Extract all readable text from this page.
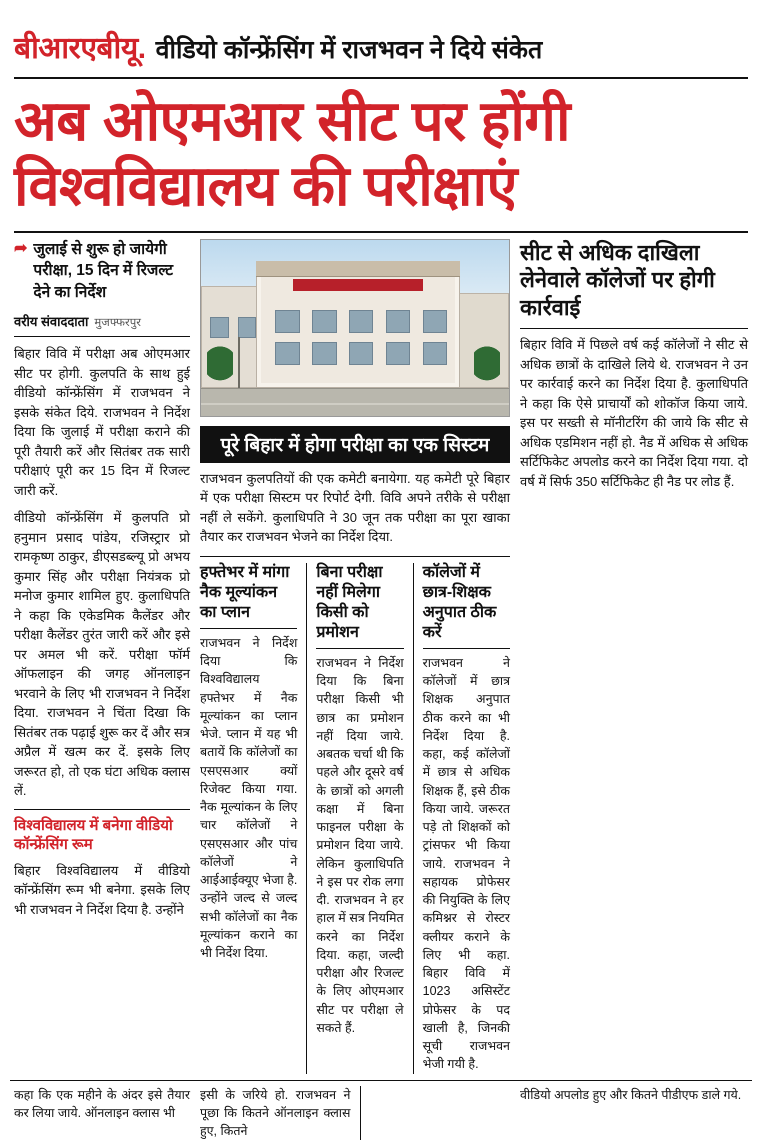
बीआरएबीयू. वीडियो कॉन्फ्रेंसिंग में राजभवन ने दिये संकेत
अब ओएमआर सीट पर होंगी
विश्वविद्यालय की परीक्षाएं
➦ जुलाई से शुरू हो जायेगी परीक्षा, 15 दिन में रिजल्ट देने का निर्देश
वरीय संवाददाता मुजफ्फरपुर

बिहार विवि में परीक्षा अब ओएमआर सीट पर होगी. कुलपति के साथ हुई वीडियो कॉन्फ्रेंसिंग में राजभवन ने इसके संकेत दिये. राजभवन ने निर्देश दिया कि जुलाई में परीक्षा कराने की पूरी तैयारी करें और सितंबर तक सारी परीक्षाएं पूरी कर 15 दिन में रिजल्ट जारी करें.

वीडियो कॉन्फ्रेंसिंग में कुलपति प्रो हनुमान प्रसाद पांडेय, रजिस्ट्रार प्रो रामकृष्ण ठाकुर, डीएसडब्ल्यू प्रो अभय कुमार सिंह और परीक्षा नियंत्रक प्रो मनोज कुमार शामिल हुए. कुलाधिपति ने कहा कि एकेडमिक कैलेंडर और परीक्षा कैलेंडर तुरंत जारी करें और इसे पर अमल भी करें. परीक्षा फॉर्म ऑफलाइन की जगह ऑनलाइन भरवाने के लिए भी राजभवन ने निर्देश दिया. राजभवन ने चिंता दिखा कि सितंबर तक पढ़ाई शुरू कर दें और सत्र अप्रैल में खत्म कर दें. इसके लिए जरूरत हो, तो एक घंटा अधिक क्लास लें.

विश्वविद्यालय में बनेगा वीडियो कॉन्फ्रेंसिंग रूम
बिहार विश्वविद्यालय में वीडियो कॉन्फ्रेंसिंग रूम भी बनेगा. इसके लिए भी राजभवन ने निर्देश दिया है. उन्होंने
पूरे बिहार में होगा परीक्षा का एक सिस्टम
राजभवन कुलपतियों की एक कमेटी बनायेगा. यह कमेटी पूरे बिहार में एक परीक्षा सिस्टम पर रिपोर्ट देगी. विवि अपने तरीके से परीक्षा नहीं ले सकेंगे. कुलाधिपति ने 30 जून तक परीक्षा का पूरा खाका तैयार कर राजभवन भेजने का निर्देश दिया.
हफ्तेभर में मांगा नैक मूल्यांकन का प्लान
राजभवन ने निर्देश दिया कि विश्वविद्यालय हफ्तेभर में नैक मूल्यांकन का प्लान भेजे. प्लान में यह भी बतायें कि कॉलेजों का एसएसआर क्यों रिजेक्ट किया गया. नैक मूल्यांकन के लिए चार कॉलेजों ने एसएसआर और पांच कॉलेजों ने आईआईक्यूए भेजा है. उन्होंने जल्द से जल्द सभी कॉलेजों का नैक मूल्यांकन कराने का भी निर्देश दिया.
बिना परीक्षा नहीं मिलेगा किसी को प्रमोशन
राजभवन ने निर्देश दिया कि बिना परीक्षा किसी भी छात्र का प्रमोशन नहीं दिया जाये. अबतक चर्चा थी कि पहले और दूसरे वर्ष के छात्रों को अगली कक्षा में बिना फाइनल परीक्षा के प्रमोशन दिया जाये. लेकिन कुलाधिपति ने इस पर रोक लगा दी. राजभवन ने हर हाल में सत्र नियमित करने का निर्देश दिया. कहा, जल्दी परीक्षा और रिजल्ट के लिए ओएमआर सीट पर परीक्षा ले सकते हैं.
कॉलेजों में छात्र-शिक्षक अनुपात ठीक करें
राजभवन ने कॉलेजों में छात्र शिक्षक अनुपात ठीक करने का भी निर्देश दिया है. कहा, कई कॉलेजों में छात्र से अधिक शिक्षक हैं, इसे ठीक किया जाये. जरूरत पड़े तो शिक्षकों को ट्रांसफर भी किया जाये. राजभवन ने सहायक प्रोफेसर की नियुक्ति के लिए कमिश्नर से रोस्टर क्लीयर कराने के लिए भी कहा. बिहार विवि में 1023 असिस्टेंट प्रोफेसर के पद खाली है, जिनकी सूची राजभवन भेजी गयी है.
सीट से अधिक दाखिला लेनेवाले कॉलेजों पर होगी कार्रवाई
बिहार विवि में पिछले वर्ष कई कॉलेजों ने सीट से अधिक छात्रों के दाखिले लिये थे. राजभवन ने उन पर कार्रवाई करने का निर्देश दिया है. कुलाधिपति ने कहा कि ऐसे प्राचार्यों को शोकॉज किया जाये. इस पर सख्ती से मॉनीटरिंग की जाये कि सीट से अधिक एडमिशन नहीं हो. नैड में अधिक से अधिक सर्टिफिकेट अपलोड करने का निर्देश दिया गया. दो वर्ष में सिर्फ 350 सर्टिफिकेट ही नैड पर लोड हैं.
कहा कि एक महीने के अंदर इसे तैयार कर लिया जाये. ऑनलाइन क्लास भी
इसी के जरिये हो. राजभवन ने पूछा कि कितने ऑनलाइन क्लास हुए, कितने
वीडियो अपलोड हुए और कितने पीडीएफ डाले गये.
